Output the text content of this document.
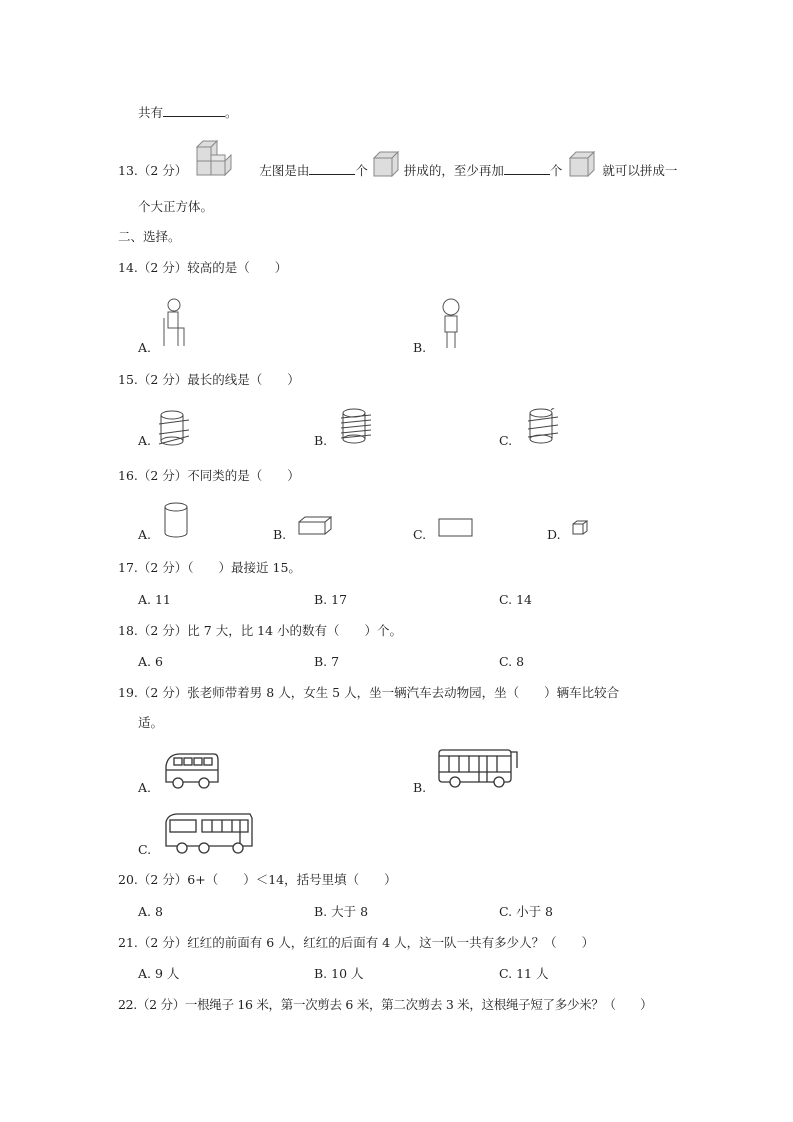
共有	。
13.（2 分）	左图是由	个	拼成的，至少再加	个	就可以拼成一
个大正方体。
二、选择。
14.（2 分）较高的是（　　）
A.	B.
15.（2 分）最长的线是（　　）
A.	B.	C.
16.（2 分）不同类的是（　　）
A.	B.	C.	D.
17.（2 分）（　　）最接近 15。
A. 11	B. 17	C. 14
18.（2 分）比 7 大，比 14 小的数有（　　）个。
A. 6	B. 7	C. 8
19.（2 分）张老师带着男 8 人，女生 5 人，坐一辆汽车去动物园，坐（　　）辆车比较合
适。
A.	B.
C.
20.（2 分）6+（　　）＜14，括号里填（　　）
A. 8	B. 大于 8	C. 小于 8
21.（2 分）红红的前面有 6 人，红红的后面有 4 人，这一队一共有多少人？（　　）
A. 9 人	B. 10 人	C. 11 人
22.（2 分）一根绳子 16 米，第一次剪去 6 米，第二次剪去 3 米，这根绳子短了多少米？（　　）
